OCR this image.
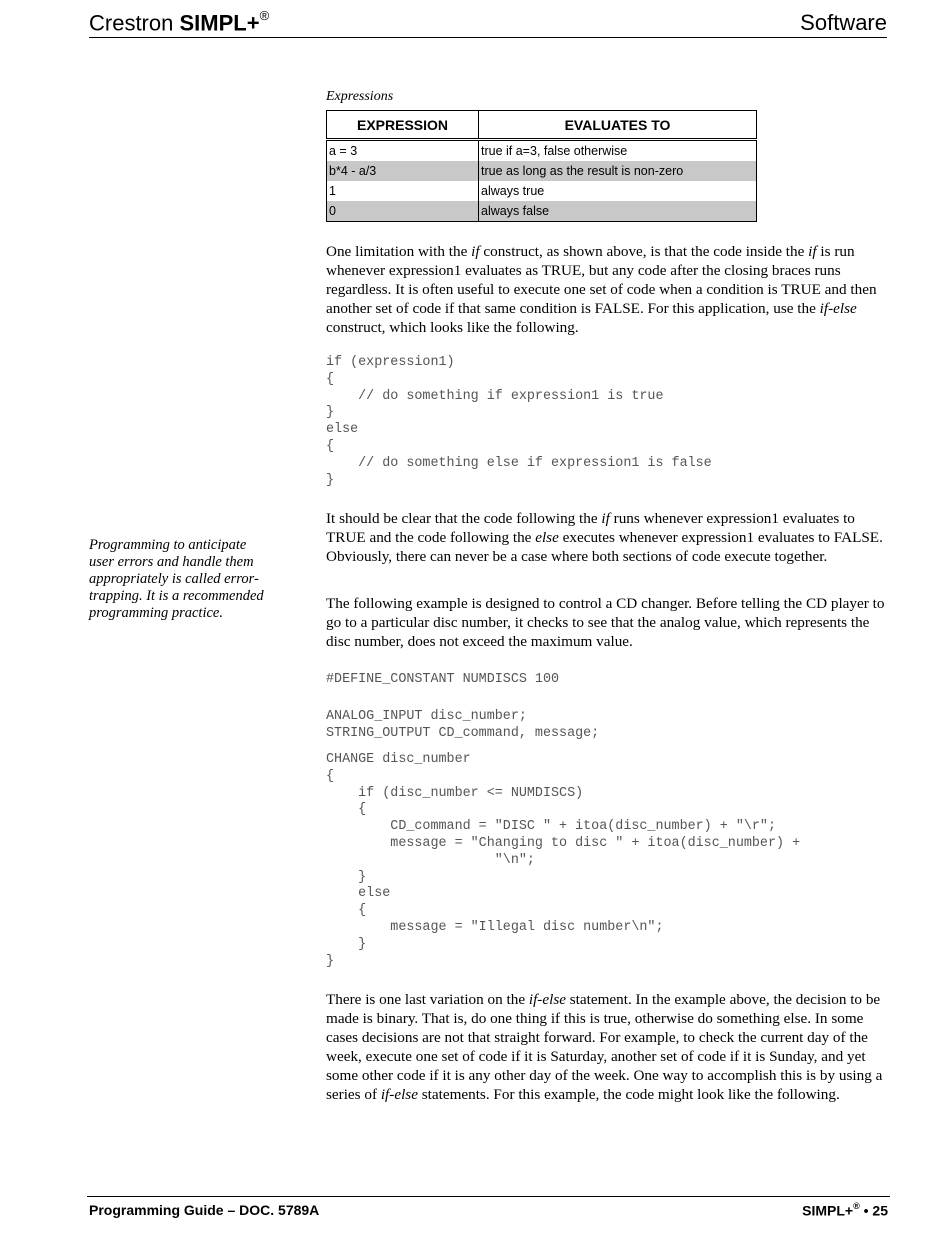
Crestron SIMPL+®	Software
Expressions
EXPRESSION	EVALUATES TO
a = 3	true if a=3, false otherwise
b*4 - a/3	true as long as the result is non-zero
1	always true
0	always false

One limitation with the if construct, as shown above, is that the code inside the if is run whenever expression1 evaluates as TRUE, but any code after the closing braces runs regardless. It is often useful to execute one set of code when a condition is TRUE and then another set of code if that same condition is FALSE. For this application, use the if-else construct, which looks like the following.

if (expression1)
{
// do something if expression1 is true
}
else
{
// do something else if expression1 is false
}

It should be clear that the code following the if runs whenever expression1 evaluates to TRUE and the code following the else executes whenever expression1 evaluates to FALSE. Obviously, there can never be a case where both sections of code execute together.

Programming to anticipate user errors and handle them appropriately is called error-trapping. It is a recommended programming practice.

The following example is designed to control a CD changer. Before telling the CD player to go to a particular disc number, it checks to see that the analog value, which represents the disc number, does not exceed the maximum value.

#DEFINE_CONSTANT NUMDISCS 100
ANALOG_INPUT disc_number;
STRING_OUTPUT CD_command, message;
CHANGE disc_number
{
if (disc_number <= NUMDISCS)
{
CD_command = "DISC " + itoa(disc_number) + "\r";
message = "Changing to disc " + itoa(disc_number) +
"\n";
}
else
{
message = "Illegal disc number\n";
}
}

There is one last variation on the if-else statement. In the example above, the decision to be made is binary. That is, do one thing if this is true, otherwise do something else. In some cases decisions are not that straight forward. For example, to check the current day of the week, execute one set of code if it is Saturday, another set of code if it is Sunday, and yet some other code if it is any other day of the week. One way to accomplish this is by using a series of if-else statements. For this example, the code might look like the following.

Programming Guide – DOC. 5789A	SIMPL+® • 25
